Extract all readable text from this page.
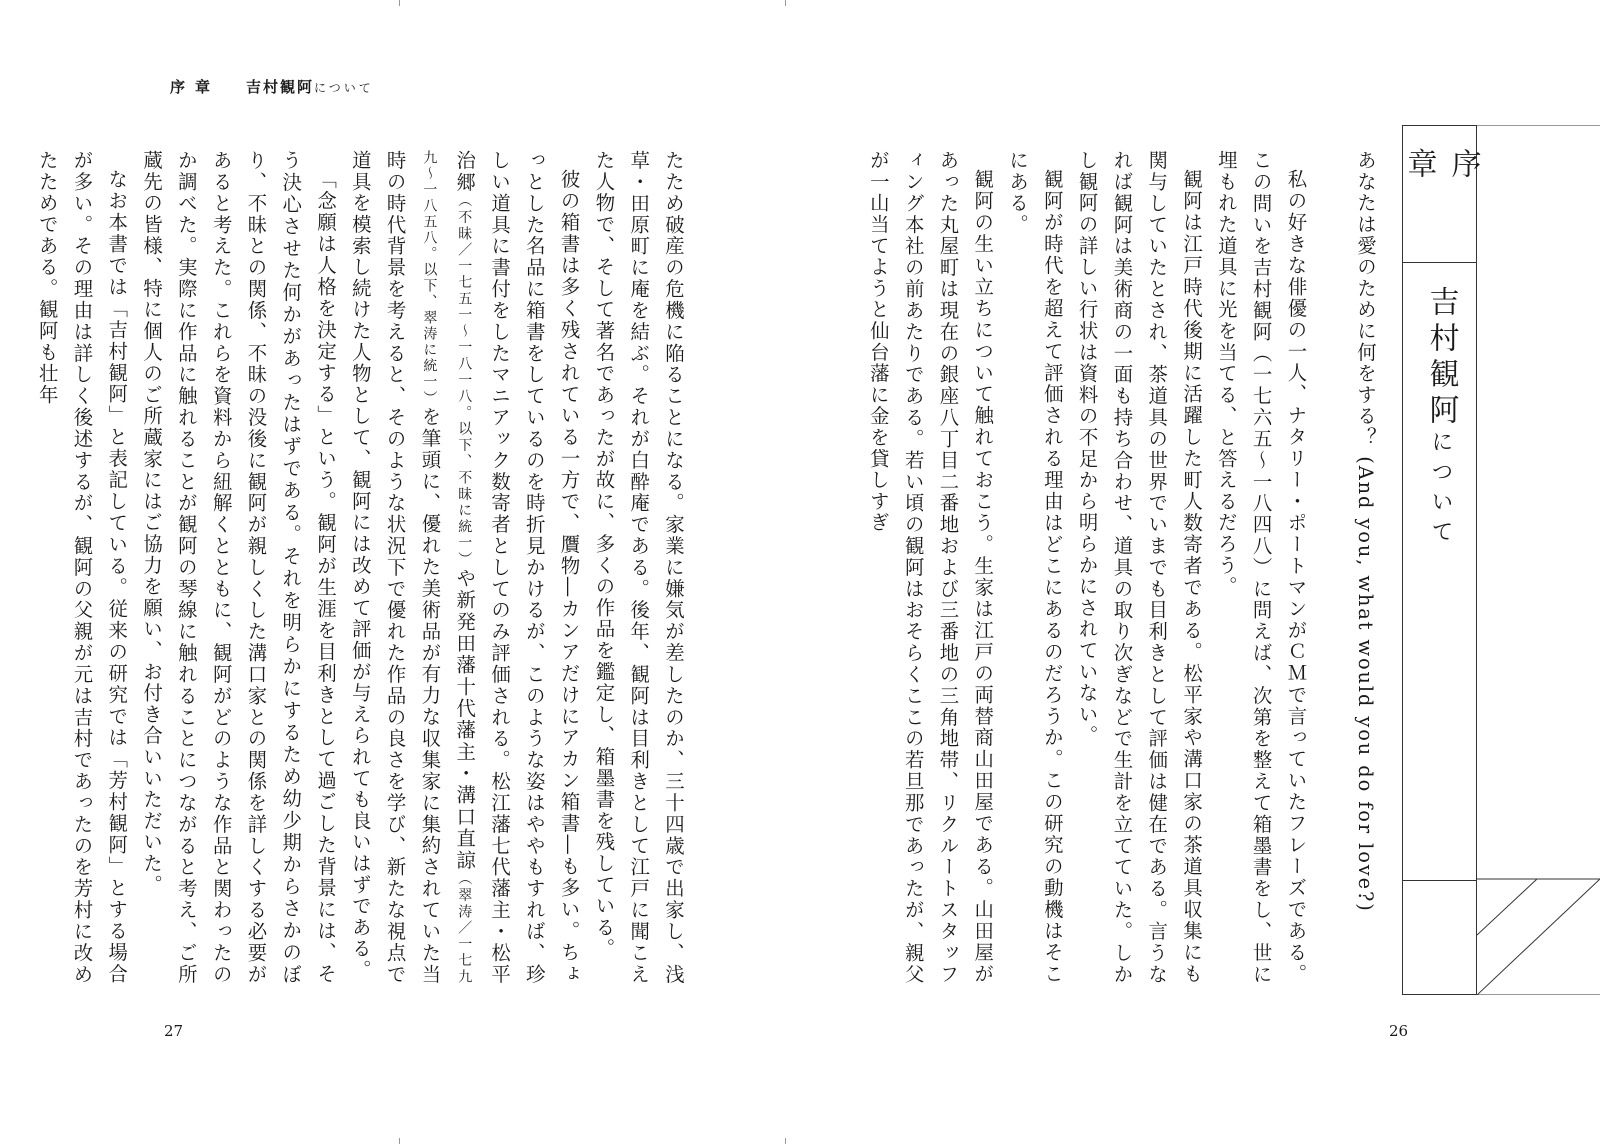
序章 吉村観阿について

たため破産の危機に陥ることになる。家業に嫌気が差したのか、三十四歳で出家し、浅草・田原町に庵を結ぶ。それが白酔庵である。後年、観阿は目利きとして江戸に聞こえた人物で、そして著名であったが故に、多くの作品を鑑定し、箱墨書を残している。

彼の箱書は多く残されている一方で、贋物―カンアだけにアカン箱書―も多い。ちょっとした名品に箱書をしているのを時折見かけるが、このような姿はややもすれば、珍しい道具に書付をしたマニアック数寄者としてのみ評価される。松江藩七代藩主・松平治郷（不昧／一七五一〜一八一八。以下、不昧に統一）や新発田藩十代藩主・溝口直諒（翠涛／一七九九〜一八五八。以下、翠涛に統一）を筆頭に、優れた美術品が有力な収集家に集約されていた当時の時代背景を考えると、そのような状況下で優れた作品の良さを学び、新たな視点で道具を模索し続けた人物として、観阿には改めて評価が与えられても良いはずである。

「念願は人格を決定する」という。観阿が生涯を目利きとして過ごした背景には、そう決心させた何かがあったはずである。それを明らかにするため幼少期からさかのぼり、不昧との関係、不昧の没後に観阿が親しくした溝口家との関係を詳しくする必要があると考えた。これらを資料から紐解くとともに、観阿がどのような作品と関わったのか調べた。実際に作品に触れることが観阿の琴線に触れることにつながると考え、ご所蔵先の皆様、特に個人のご所蔵家にはご協力を願い、お付き合いいただいた。

なお本書では「吉村観阿」と表記している。従来の研究では「芳村観阿」とする場合が多い。その理由は詳しく後述するが、観阿の父親が元は吉村であったのを芳村に改めたためである。観阿も壮年

27

あなたは愛のために何をする？ (And you, what would you do for love?)

私の好きな俳優の一人、ナタリー・ポートマンがＣＭで言っていたフレーズである。この問いを吉村観阿（一七六五〜一八四八）に問えば、次第を整えて箱墨書をし、世に埋もれた道具に光を当てる、と答えるだろう。

観阿は江戸時代後期に活躍した町人数寄者である。松平家や溝口家の茶道具収集にも関与していたとされ、茶道具の世界でいまでも目利きとして評価は健在である。言うなれば観阿は美術商の一面も持ち合わせ、道具の取り次ぎなどで生計を立てていた。しかし観阿の詳しい行状は資料の不足から明らかにされていない。

観阿が時代を超えて評価される理由はどこにあるのだろうか。この研究の動機はそこにある。

観阿の生い立ちについて触れておこう。生家は江戸の両替商山田屋である。山田屋があった丸屋町は現在の銀座八丁目二番地および三番地の三角地帯、リクルートスタッフィング本社の前あたりである。若い頃の観阿はおそらくここの若旦那であったが、親父が一山当てようと仙台藩に金を貸しすぎ	序章
吉村観阿
について
26
